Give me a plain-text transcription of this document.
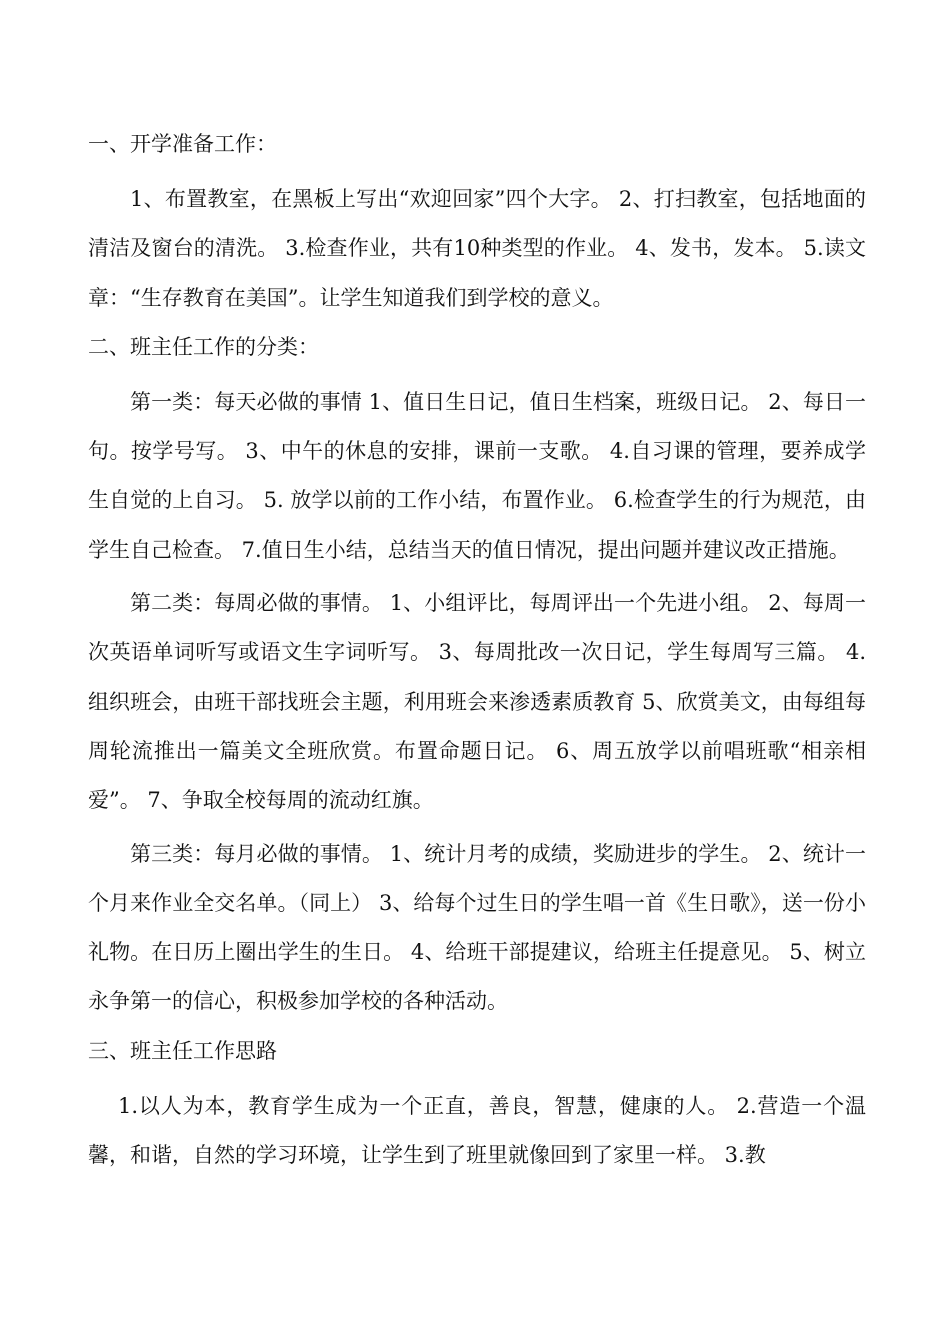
一、开学准备工作：

1、布置教室，在黑板上写出“欢迎回家”四个大字。 2、打扫教室，包括地面的清洁及窗台的清洗。 3.检查作业，共有10种类型的作业。 4、发书，发本。 5.读文章：“生存教育在美国”。让学生知道我们到学校的意义。

二、班主任工作的分类：

第一类：每天必做的事情 1、值日生日记，值日生档案，班级日记。 2、每日一句。按学号写。 3、中午的休息的安排，课前一支歌。 4.自习课的管理，要养成学生自觉的上自习。 5. 放学以前的工作小结，布置作业。 6.检查学生的行为规范，由学生自己检查。 7.值日生小结，总结当天的值日情况，提出问题并建议改正措施。

第二类：每周必做的事情。 1、小组评比，每周评出一个先进小组。 2、每周一次英语单词听写或语文生字词听写。 3、每周批改一次日记，学生每周写三篇。 4.组织班会，由班干部找班会主题，利用班会来渗透素质教育 5、欣赏美文，由每组每周轮流推出一篇美文全班欣赏。布置命题日记。 6、周五放学以前唱班歌“相亲相爱”。 7、争取全校每周的流动红旗。

第三类：每月必做的事情。 1、统计月考的成绩，奖励进步的学生。 2、统计一个月来作业全交名单。（同上） 3、给每个过生日的学生唱一首《生日歌》，送一份小礼物。在日历上圈出学生的生日。 4、给班干部提建议，给班主任提意见。 5、树立永争第一的信心，积极参加学校的各种活动。

三、班主任工作思路

1.以人为本，教育学生成为一个正直，善良，智慧，健康的人。 2.营造一个温馨，和谐，自然的学习环境，让学生到了班里就像回到了家里一样。 3.教
